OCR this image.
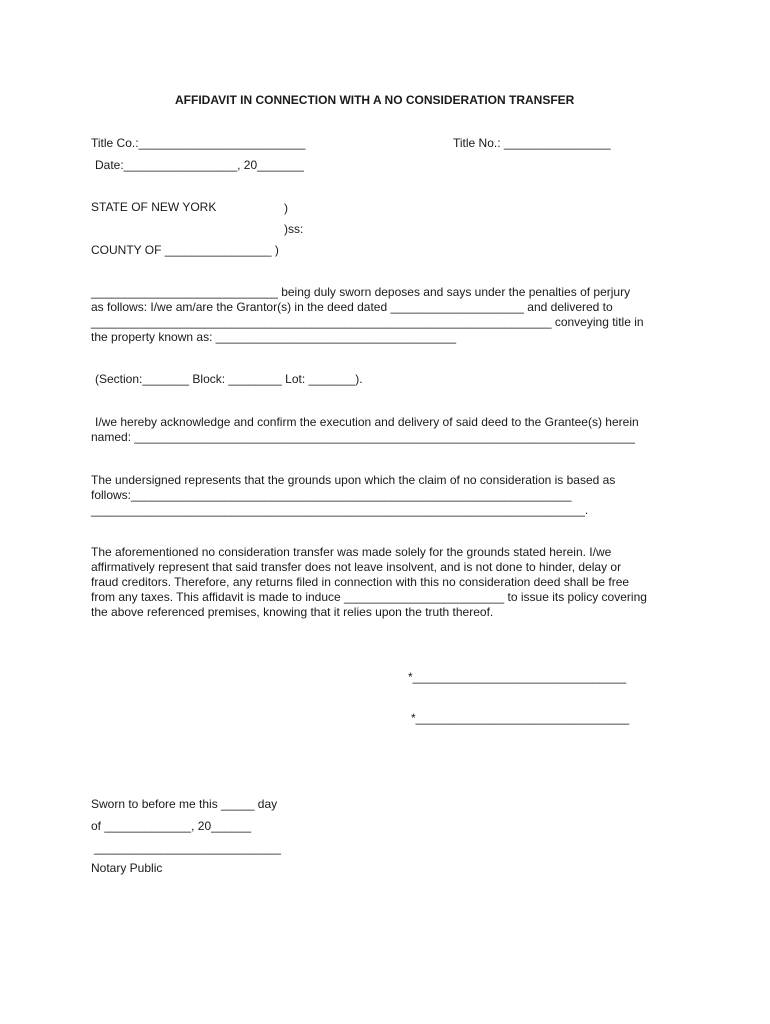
AFFIDAVIT IN CONNECTION WITH A NO CONSIDERATION TRANSFER
Title Co.:_________________________	Title No.: ________________
Date:_________________, 20_______
STATE OF NEW YORK	)
)ss:
COUNTY OF ________________ )
____________________________ being duly sworn deposes and says under the penalties of perjury
as follows: I/we am/are the Grantor(s) in the deed dated ____________________ and delivered to
_____________________________________________________________________ conveying title in
the property known as: ____________________________________
(Section:_______ Block: ________ Lot: _______).
I/we hereby acknowledge and confirm the execution and delivery of said deed to the Grantee(s) herein
named: ___________________________________________________________________________
The undersigned represents that the grounds upon which the claim of no consideration is based as
follows:__________________________________________________________________
__________________________________________________________________________.
The aforementioned no consideration transfer was made solely for the grounds stated herein. I/we
affirmatively represent that said transfer does not leave insolvent, and is not done to hinder, delay or
fraud creditors. Therefore, any returns filed in connection with this no consideration deed shall be free
from any taxes. This affidavit is made to induce ________________________ to issue its policy covering
the above referenced premises, knowing that it relies upon the truth thereof.
*________________________________
*________________________________
Sworn to before me this _____ day
of _____________, 20______
____________________________
Notary Public
